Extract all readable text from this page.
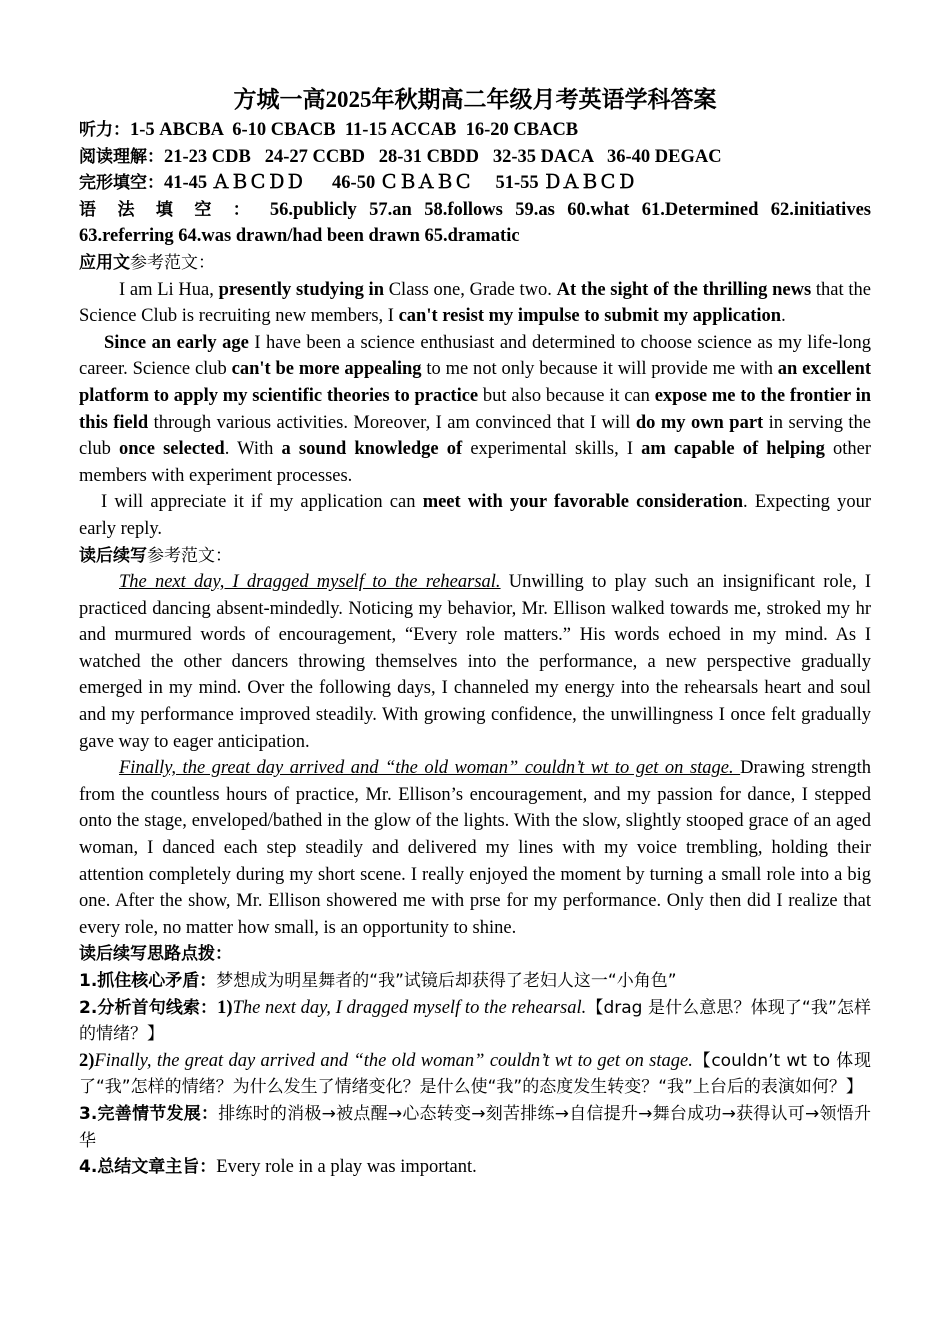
方城一高2025年秋期高二年级月考英语学科答案

听力：1-5 ABCBA  6-10 CBACB  11-15 ACCAB  16-20 CBACB

阅读理解：21-23 CDB   24-27 CCBD   28-31 CBDD   32-35 DACA   36-40 DEGAC

完形填空：41-45 ＡＢＣＤＤ      46-50 ＣＢＡＢＣ     51-55 ＤＡＢＣＤ

语 法 填 空 ： 56.publicly 57.an 58.follows 59.as 60.what 61.Determined 62.initiatives

63.referring 64.was drawn/had been drawn 65.dramatic

应用文参考范文：

I am Li Hua, presently studying in Class one, Grade two. At the sight of the thrilling news that the Science Club is recruiting new members, I can't resist my impulse to submit my application.

Since an early age I have been a science enthusiast and determined to choose science as my life-long career. Science club can't be more appealing to me not only because it will provide me with an excellent platform to apply my scientific theories to practice but also because it can expose me to the frontier in this field through various activities. Moreover, I am convinced that I will do my own part in serving the club once selected. With a sound knowledge of experimental skills, I am capable of helping other members with experiment processes.

I will appreciate it if my application can meet with your favorable consideration. Expecting your early reply.

读后续写参考范文：

The next day, I dragged myself to the rehearsal. Unwilling to play such an insignificant role, I practiced dancing absent-mindedly. Noticing my behavior, Mr. Ellison walked towards me, stroked my hr and murmured words of encouragement, “Every role matters.” His words echoed in my mind. As I watched the other dancers throwing themselves into the performance, a new perspective gradually emerged in my mind. Over the following days, I channeled my energy into the rehearsals heart and soul and my performance improved steadily. With growing confidence, the unwillingness I once felt gradually gave way to eager anticipation.

Finally, the great day arrived and “the old woman” couldn’t wt to get on stage. Drawing strength from the countless hours of practice, Mr. Ellison’s encouragement, and my passion for dance, I stepped onto the stage, enveloped/bathed in the glow of the lights. With the slow, slightly stooped grace of an aged woman, I danced each step steadily and delivered my lines with my voice trembling, holding their attention completely during my short scene. I really enjoyed the moment by turning a small role into a big one. After the show, Mr. Ellison showered me with prse for my performance. Only then did I realize that every role, no matter how small, is an opportunity to shine.

读后续写思路点拨：

1.抓住核心矛盾：梦想成为明星舞者的“我”试镜后却获得了老妇人这一“小角色”

2.分析首句线索：1)The next day, I dragged myself to the rehearsal.【drag 是什么意思？体现了“我”怎样的情绪？】

2)Finally, the great day arrived and “the old woman” couldn’t wt to get on stage.【couldn’t wt to 体现了“我”怎样的情绪？为什么发生了情绪变化？是什么使“我”的态度发生转变？“我”上台后的表演如何？】

3.完善情节发展：排练时的消极→被点醒→心态转变→刻苦排练→自信提升→舞台成功→获得认可→领悟升华

4.总结文章主旨：Every role in a play was important.
